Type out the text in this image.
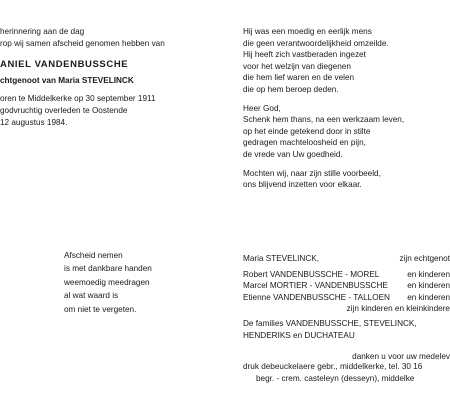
herinnering aan de dag
rop wij samen afscheid genomen hebben van
ANIEL VANDENBUSSCHE
chtgenoot van Maria STEVELINCK
oren te Middelkerke op 30 september 1911
godvruchtig overleden te Oostende
12 augustus 1984.
Hij was een moedig en eerlijk mens
die geen verantwoordelijkheid omzeilde.
Hij heeft zich vastberaden ingezet
voor het welzijn van diegenen
die hem lief waren en de velen
die op hem beroep deden.
Heer God,
Schenk hem thans, na een werkzaam leven,
op het einde getekend door in stilte
gedragen machteloosheid en pijn,
de vrede van Uw goedheid.
Mochten wij, naar zijn stille voorbeeld,
ons blijvend inzetten voor elkaar.
Afscheid nemen
is met dankbare handen
weemoedig meedragen
al wat waard is
om niet te vergeten.
Maria STEVELINCK,	zijn echtgenot
Robert VANDENBUSSCHE - MOREL	en kinderen
Marcel MORTIER - VANDENBUSSCHE en kinderen
Etienne VANDENBUSSCHE - TALLOEN en kinderen
zijn kinderen en kleinkindere
De families VANDENBUSSCHE, STEVELINCK,
HENDERIKS en DUCHATEAU
danken u voor uw medelev
druk debeuckelaere gebr., middelkerke, tel. 30 16
begr. - crem. casteleyn (desseyn), middelke
